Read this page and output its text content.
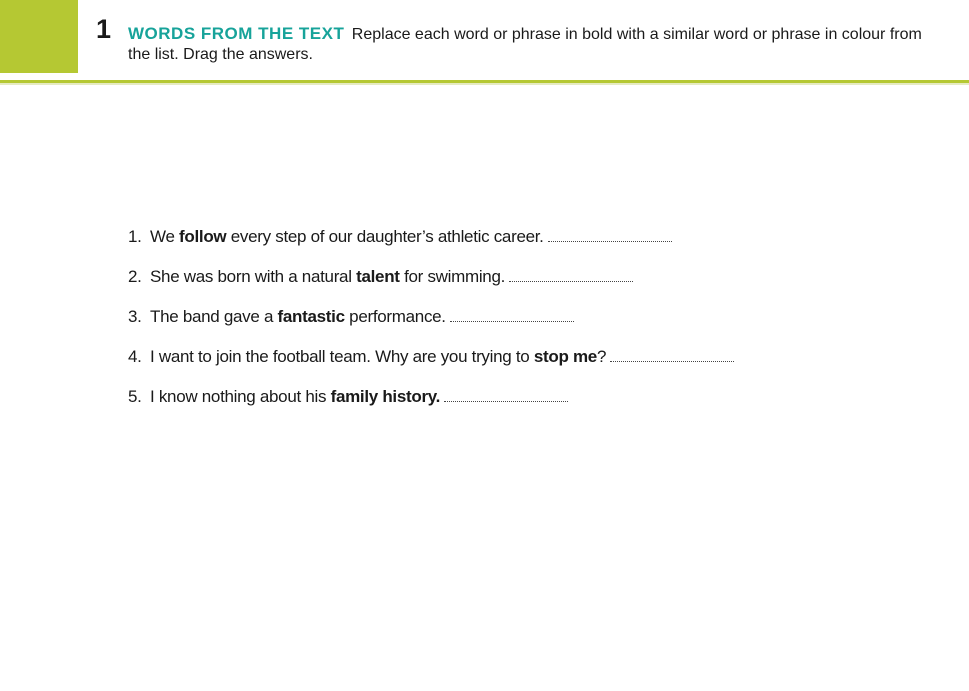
1 WORDS FROM THE TEXT Replace each word or phrase in bold with a similar word or phrase in colour from the list. Drag the answers.
1. We follow every step of our daughter’s athletic career.
2. She was born with a natural talent for swimming.
3. The band gave a fantastic performance.
4. I want to join the football team. Why are you trying to stop me?
5. I know nothing about his family history.
